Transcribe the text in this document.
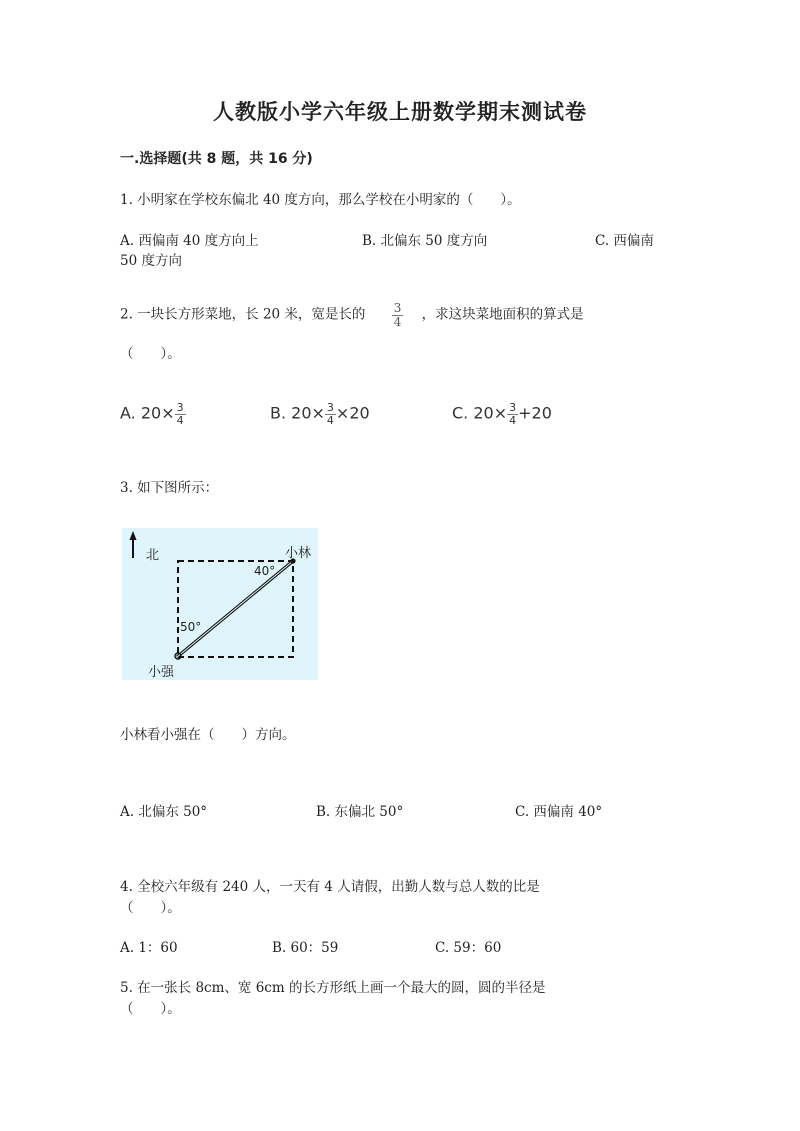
人教版小学六年级上册数学期末测试卷
一.选择题(共 8 题，共 16 分)
1. 小明家在学校东偏北 40 度方向，那么学校在小明家的（　　）。
A. 西偏南 40 度方向上	B. 北偏东 50 度方向	C. 西偏南
50 度方向
2. 一块长方形菜地，长 20 米，宽是长的 $\frac{3}{4}$ ，求这块菜地面积的算式是
（　　）。
A. $20\times \frac{3}{4}$	B. $20\times \frac{3}{4} \times 20$	C. $20\times \frac{3}{4} +20$
3. 如下图所示：
北	小林
40°
50°
小强
小林看小强在（　　）方向。
A. 北偏东 50°	B. 东偏北 50°	C. 西偏南 40°
4. 全校六年级有 240 人，一天有 4 人请假，出勤人数与总人数的比是
（　　）。
A. 1：60	B. 60：59	C. 59：60
5. 在一张长 8cm、宽 6cm 的长方形纸上画一个最大的圆，圆的半径是
（　　）。
